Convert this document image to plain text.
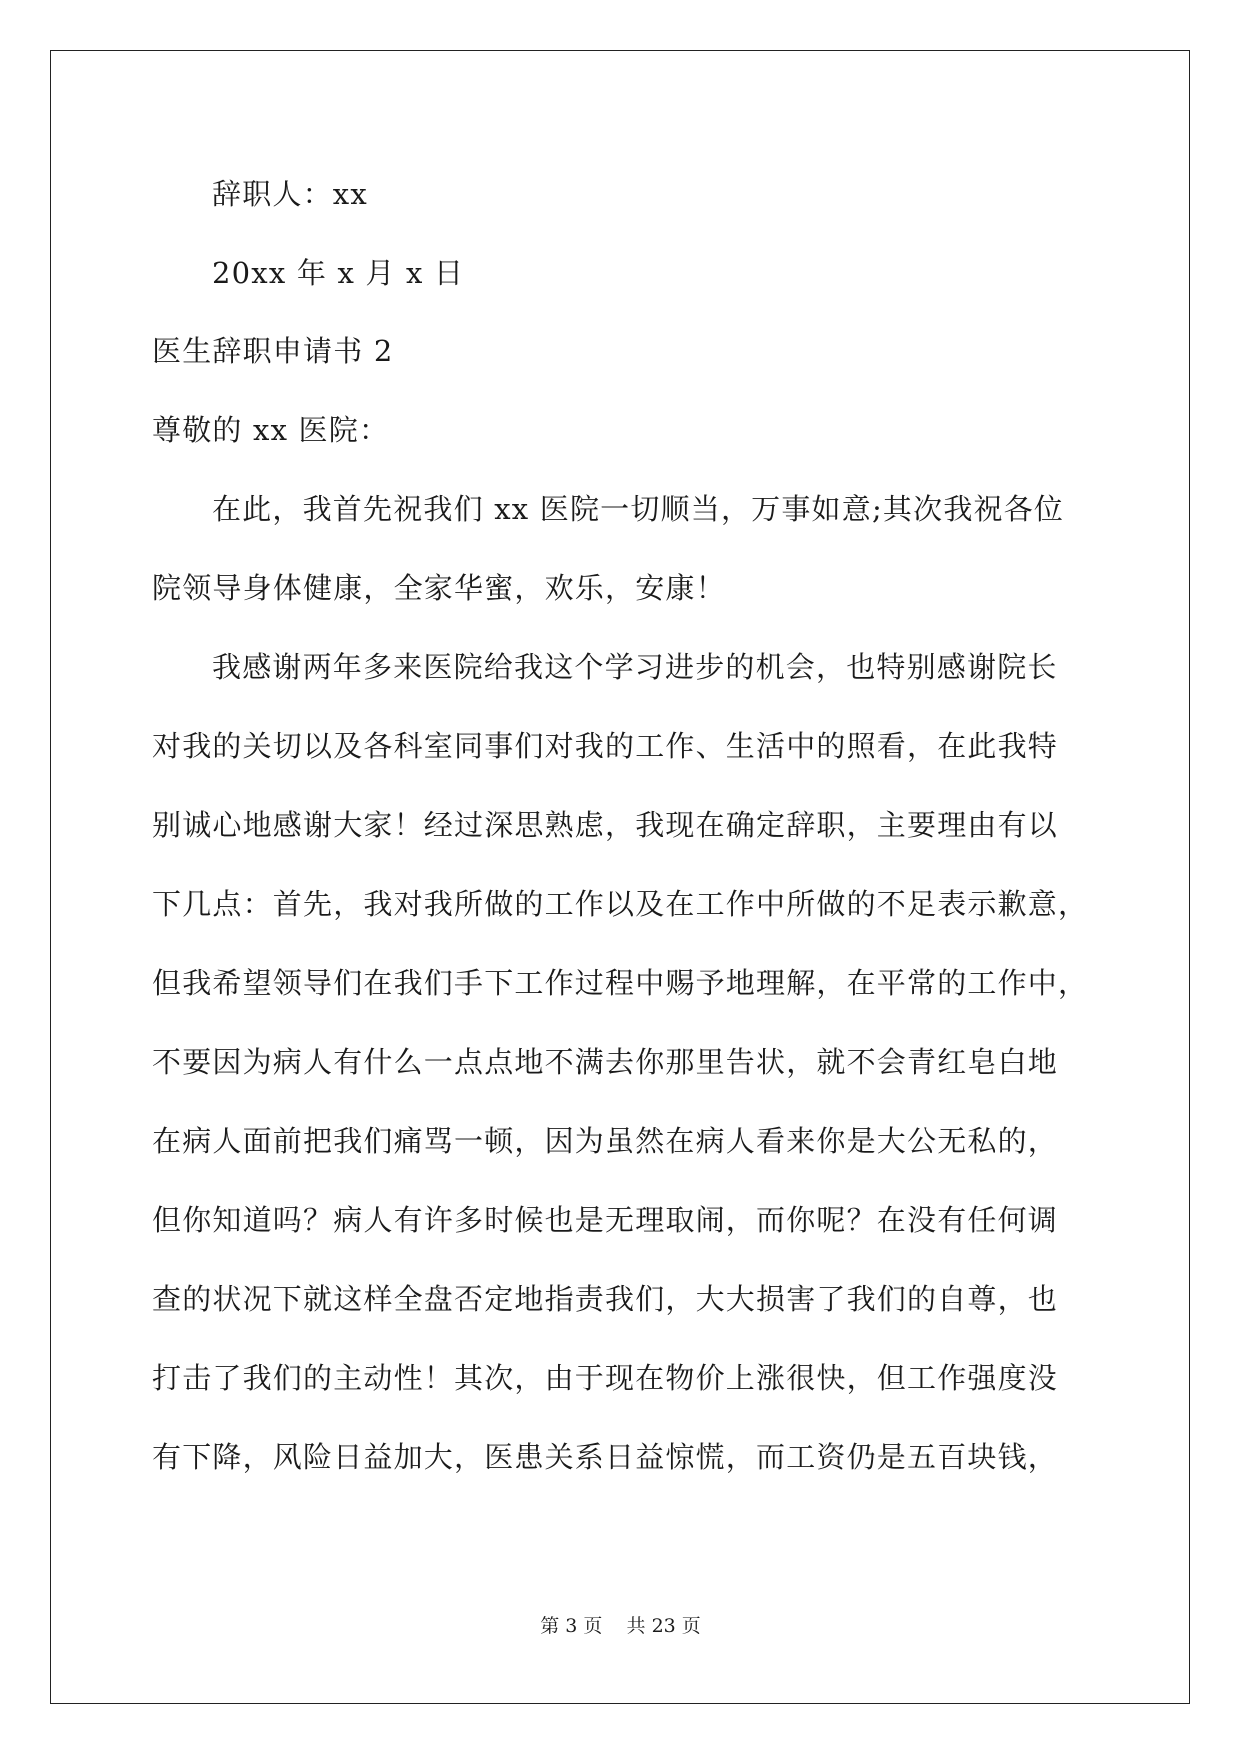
辞职人：xx

20xx 年 x 月 x 日

医生辞职申请书 2

尊敬的 xx 医院：

在此，我首先祝我们 xx 医院一切顺当，万事如意;其次我祝各位

院领导身体健康，全家华蜜，欢乐，安康！

我感谢两年多来医院给我这个学习进步的机会，也特别感谢院长

对我的关切以及各科室同事们对我的工作、生活中的照看，在此我特

别诚心地感谢大家！经过深思熟虑，我现在确定辞职，主要理由有以

下几点：首先，我对我所做的工作以及在工作中所做的不足表示歉意，

但我希望领导们在我们手下工作过程中赐予地理解，在平常的工作中，

不要因为病人有什么一点点地不满去你那里告状，就不会青红皂白地

在病人面前把我们痛骂一顿，因为虽然在病人看来你是大公无私的，

但你知道吗？病人有许多时候也是无理取闹，而你呢？在没有任何调

查的状况下就这样全盘否定地指责我们，大大损害了我们的自尊，也

打击了我们的主动性！其次，由于现在物价上涨很快，但工作强度没

有下降，风险日益加大，医患关系日益惊慌，而工资仍是五百块钱，

第 3 页    共 23 页
